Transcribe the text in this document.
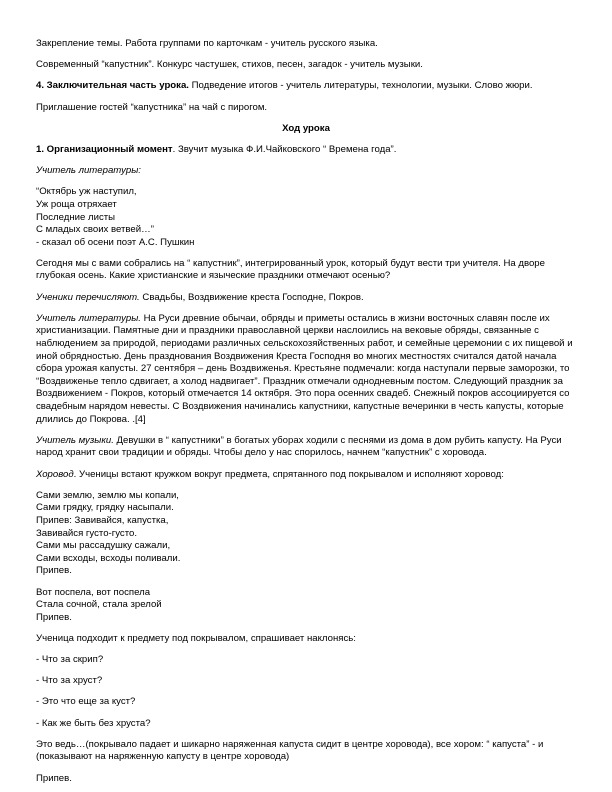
Закрепление темы. Работа группами по карточкам - учитель русского языка.

Современный “капустник”. Конкурс частушек, стихов, песен, загадок - учитель музыки.

4. Заключительная часть урока. Подведение итогов - учитель литературы, технологии, музыки. Слово жюри.

Приглашение гостей “капустника” на чай с пирогом.

Ход урока

1. Организационный момент. Звучит музыка Ф.И.Чайковского “ Времена года”.

Учитель литературы:

“Октябрь уж наступил,
Уж роща отряхает
Последние листы
С младых своих ветвей…”
- сказал об осени поэт А.С. Пушкин

Сегодня мы с вами собрались на “ капустник”, интегрированный урок, который будут вести три учителя. На дворе глубокая осень. Какие христианские и языческие праздники отмечают осенью?

Ученики перечисляют. Свадьбы, Воздвижение креста Господне, Покров.

Учитель литературы. На Руси древние обычаи, обряды и приметы остались в жизни восточных славян после их христианизации. Памятные дни и праздники православной церкви наслоились на вековые обряды, связанные с наблюдением за природой, периодами различных сельскохозяйственных работ, и семейные церемонии с их пищевой и иной обрядностью. День празднования Воздвижения Креста Господня во многих местностях считался датой начала сбора урожая капусты. 27 сентября – день Воздвиженья. Крестьяне подмечали: когда наступали первые заморозки, то “Воздвиженье тепло сдвигает, а холод надвигает”. Праздник отмечали однодневным постом. Следующий праздник за Воздвижением - Покров, который отмечается 14 октября. Это пора осенних свадеб. Снежный покров ассоциируется со свадебным нарядом невесты. С Воздвижения начинались капустники, капустные вечеринки в честь капусты, которые длились до Покрова. .[4]

Учитель музыки. Девушки в “ капустники” в богатых уборах ходили с песнями из дома в дом рубить капусту. На Руси народ хранит свои традиции и обряды. Чтобы дело у нас спорилось, начнем “капустник” с хоровода.

Хоровод. Ученицы встают кружком вокруг предмета, спрятанного под покрывалом и исполняют хоровод:

Сами землю, землю мы копали,
Сами грядку, грядку насыпали.
Припев: Завивайся, капустка,
Завивайся густо-густо.
Сами мы рассадушку сажали,
Сами всходы, всходы поливали.
Припев.
Вот поспела, вот поспела
Стала сочной, стала зрелой
Припев.

Ученица подходит к предмету под покрывалом, спрашивает наклонясь:

- Что за скрип?

- Что за хруст?

- Это что еще за куст?

- Как же быть без хруста?

Это ведь…(покрывало падает и шикарно наряженная капуста сидит в центре хоровода), все хором: “ капуста” - и (показывают на наряженную капусту в центре хоровода)

Припев.
